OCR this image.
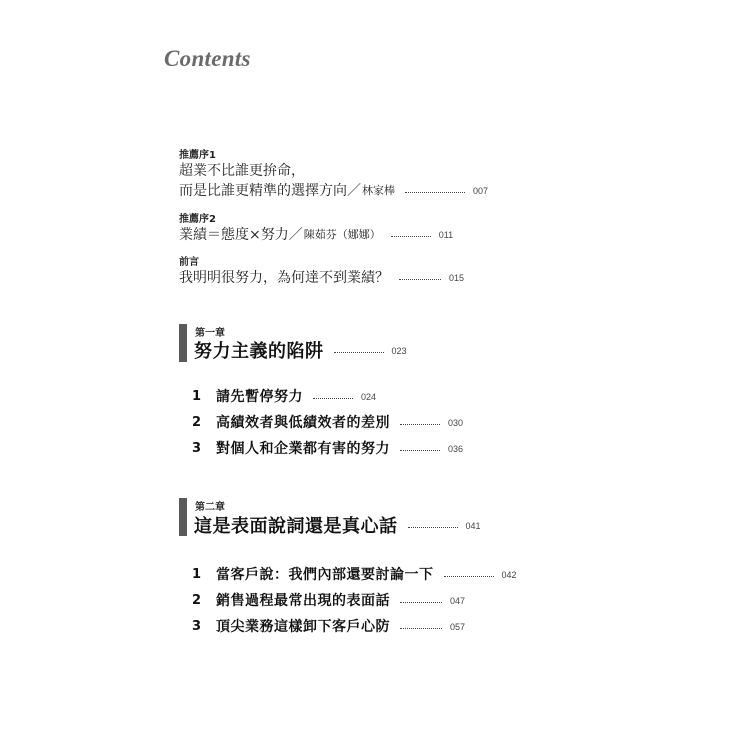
Contents
推薦序1
超業不比誰更拚命，
而是比誰更精準的選擇方向／ 林家棒	007
推薦序2
業績＝態度×努力／ 陳茹芬（娜娜）	011
前言
我明明很努力，為何達不到業績？	015
第一章
努力主義的陷阱	023
1	請先暫停努力	024
2	高績效者與低績效者的差別	030
3	對個人和企業都有害的努力	036
第二章
這是表面說詞還是真心話	041
1	當客戶說：我們內部還要討論一下	042
2	銷售過程最常出現的表面話	047
3	頂尖業務這樣卸下客戶心防	057
